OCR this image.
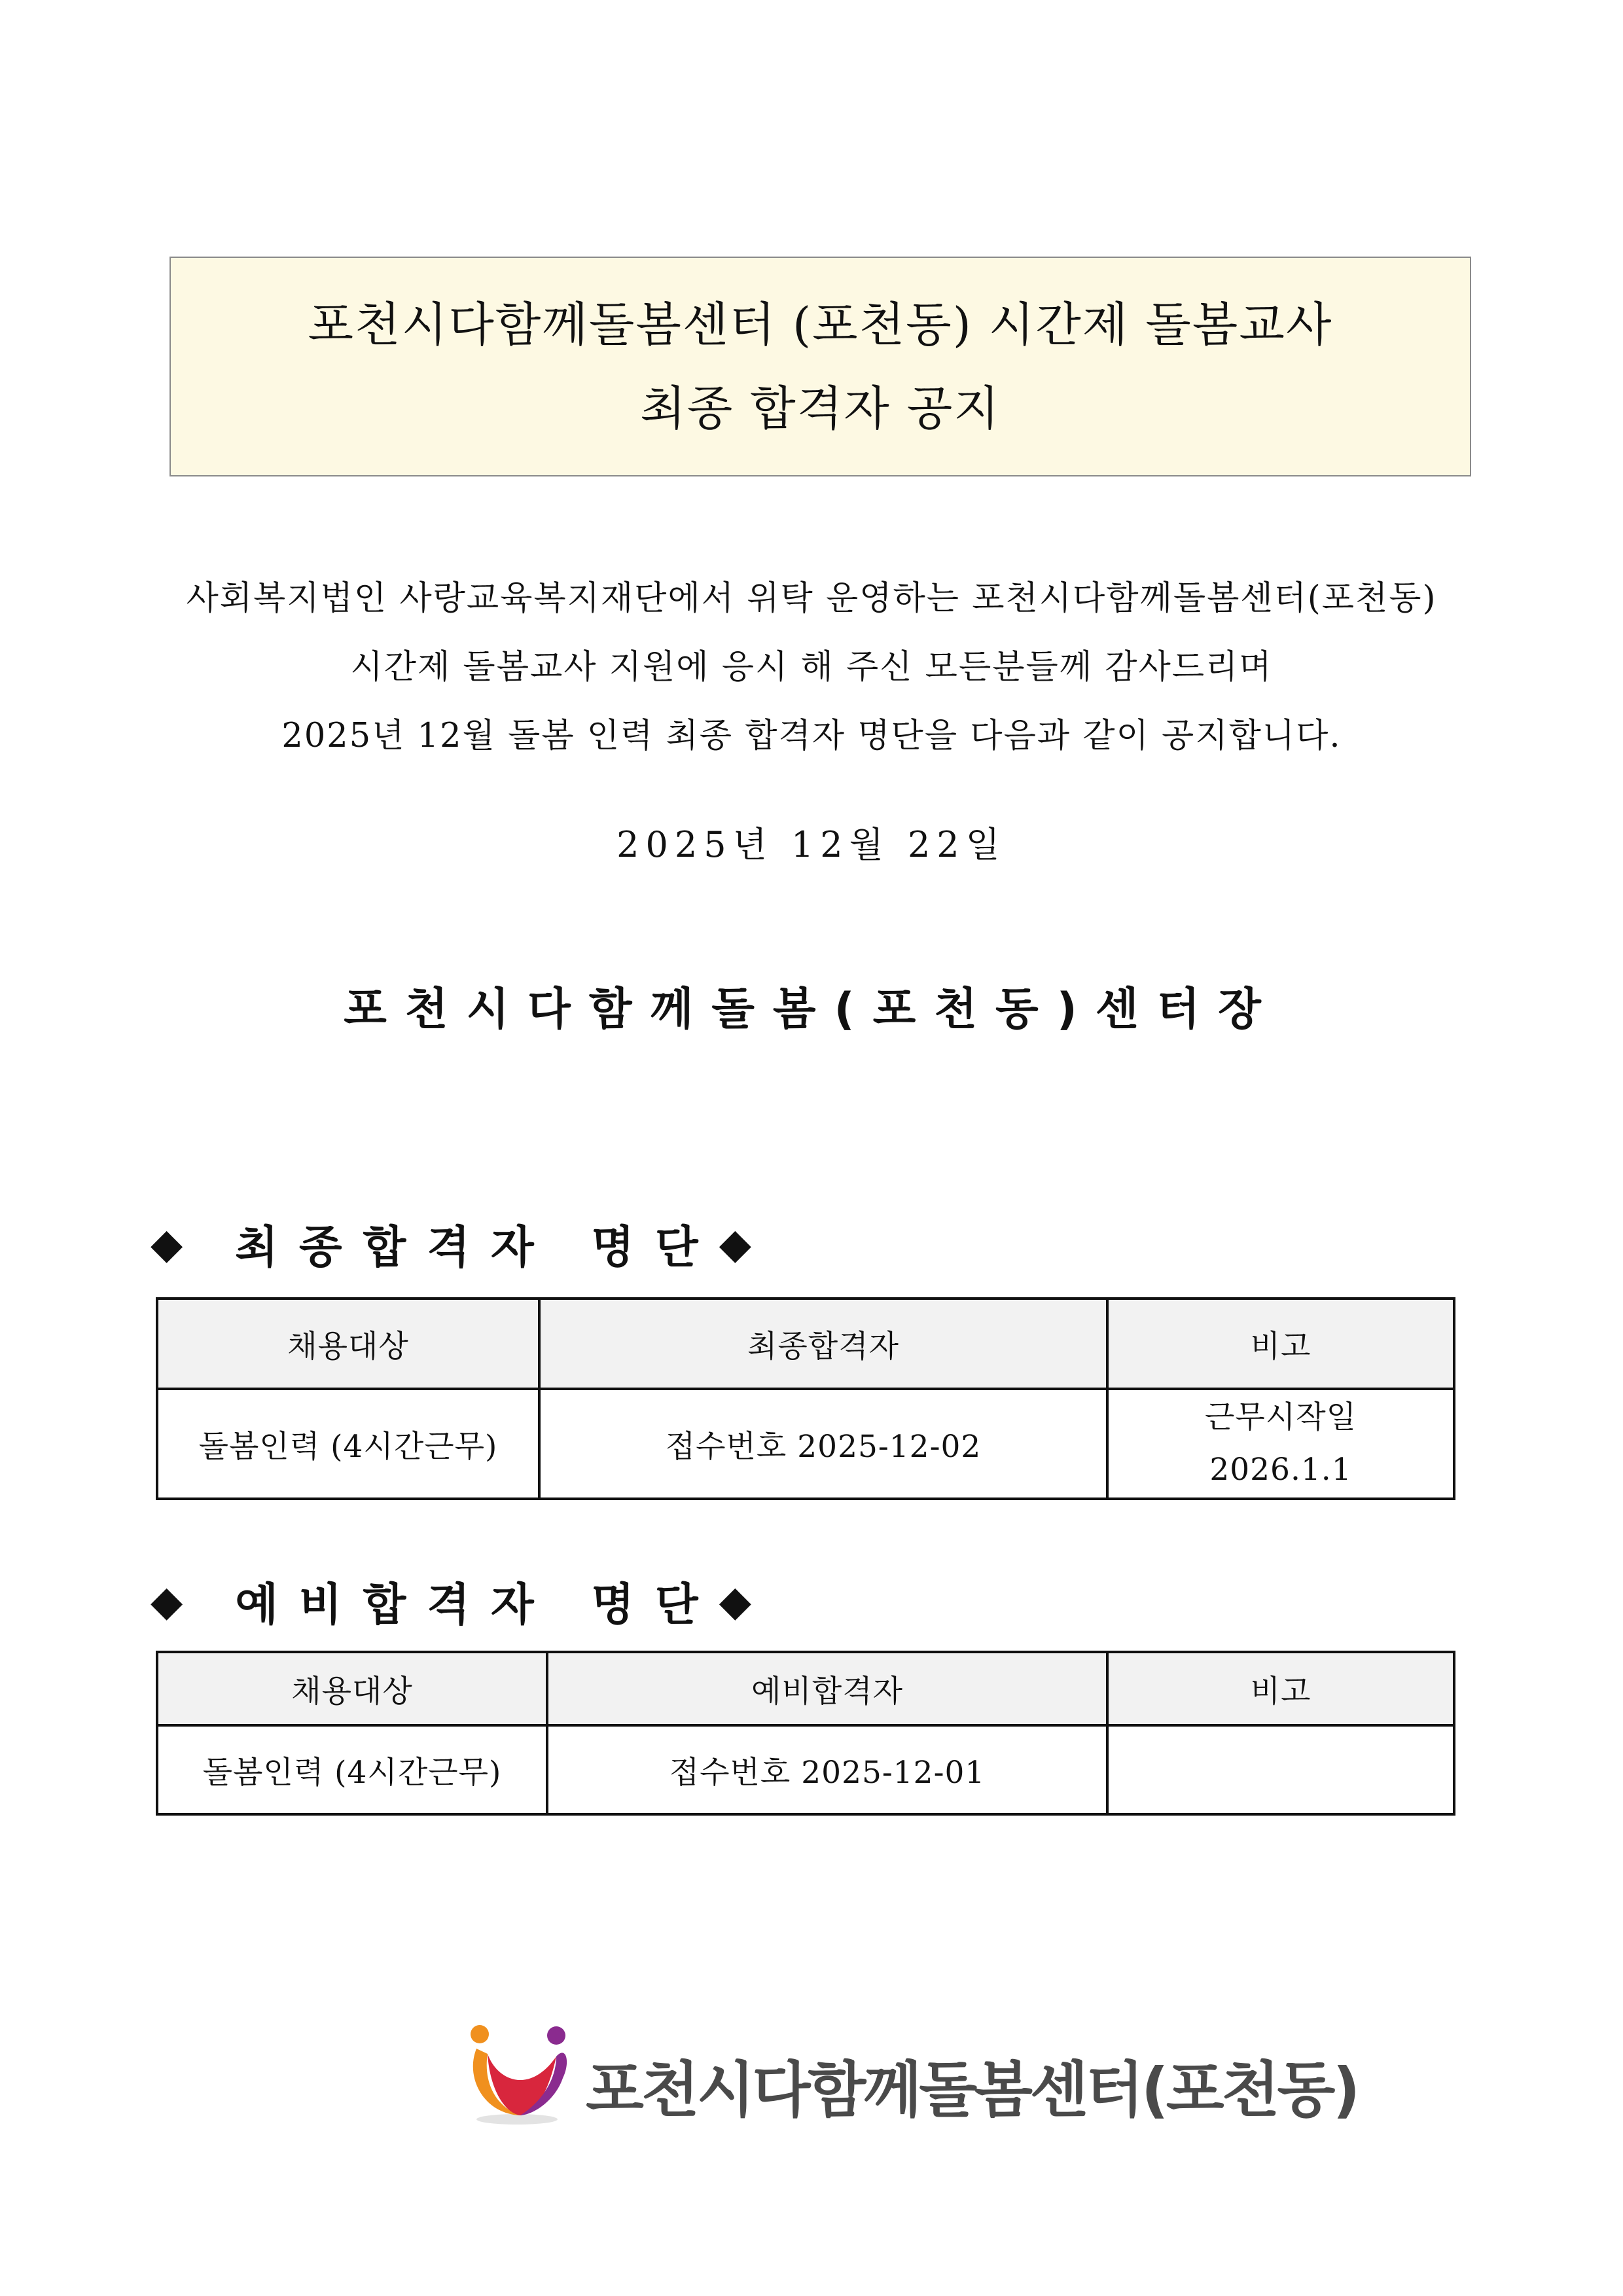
포천시다함께돌봄센터 (포천동) 시간제 돌봄교사
최종 합격자 공지
사회복지법인 사랑교육복지재단에서 위탁 운영하는 포천시다함께돌봄센터(포천동)
시간제 돌봄교사 지원에 응시 해 주신 모든분들께 감사드리며
2025년 12월 돌봄 인력 최종 합격자 명단을 다음과 같이 공지합니다.
2025년 12월 22일
포천시다함께돌봄(포천동)센터장
◆ 최종합격자 명단 ◆
채용대상	최종합격자	비고
돌봄인력 (4시간근무)	접수번호 2025-12-02	근무시작일
2026.1.1
◆ 예비합격자 명단 ◆
채용대상	예비합격자	비고
돌봄인력 (4시간근무)	접수번호 2025-12-01	
포천시다함께돌봄센터(포천동)
